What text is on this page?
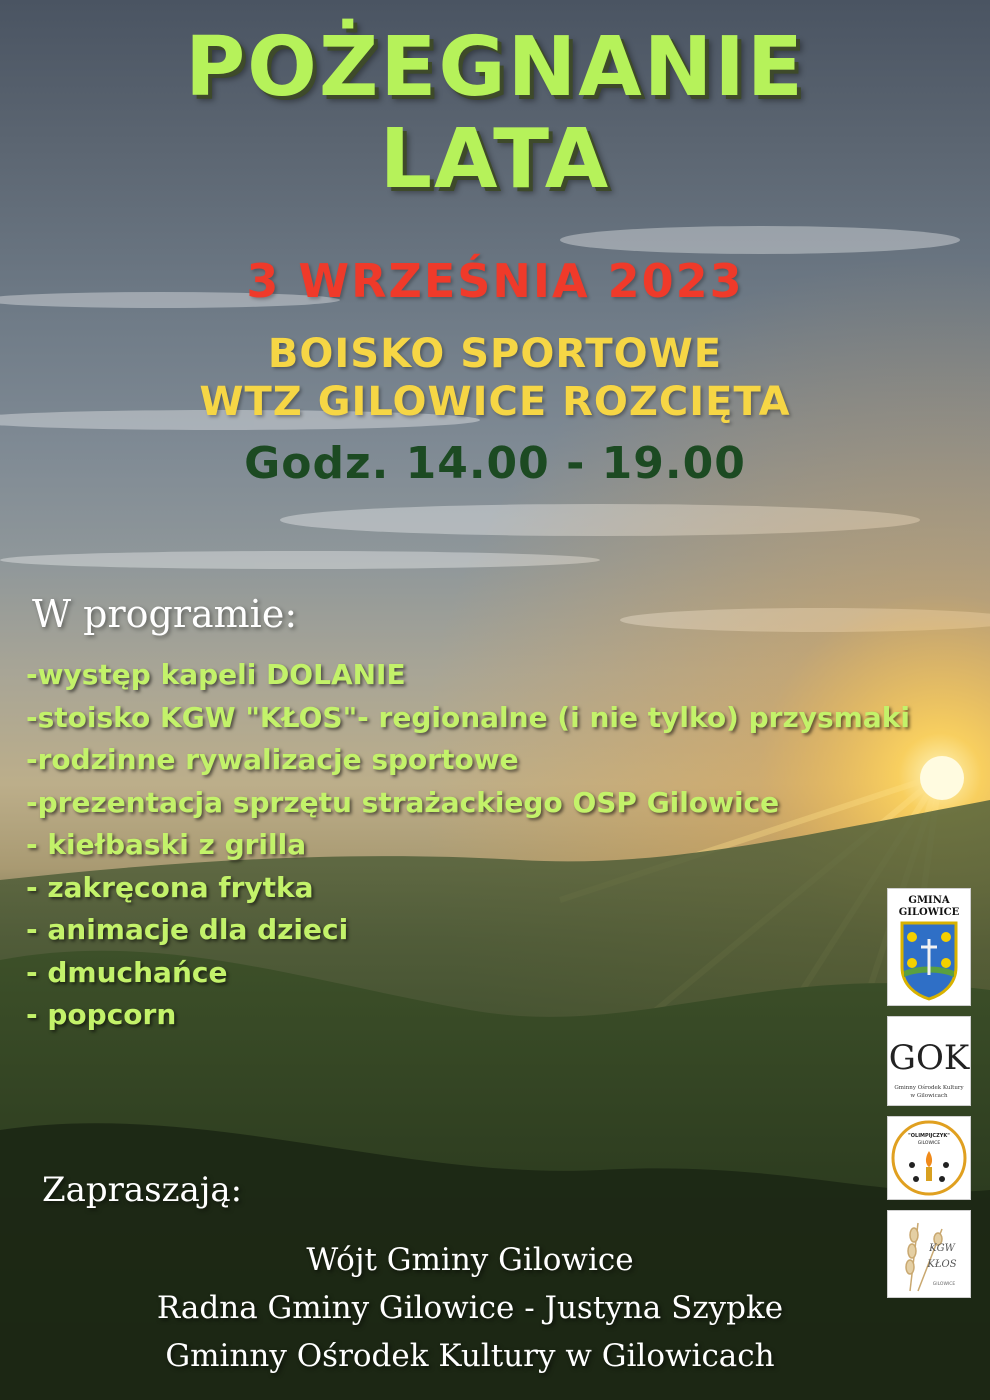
POŻEGNANIE
LATA
3 WRZEŚNIA 2023
BOISKO SPORTOWE
WTZ GILOWICE ROZCIĘTA
Godz. 14.00 - 19.00
W programie:
-występ kapeli DOLANIE
-stoisko KGW "KŁOS"- regionalne (i nie tylko) przysmaki
-rodzinne rywalizacje sportowe
-prezentacja sprzętu strażackiego OSP Gilowice
- kiełbaski z grilla
- zakręcona frytka
- animacje dla dzieci
- dmuchańce
- popcorn
Zapraszają:
Wójt Gminy Gilowice
Radna Gminy Gilowice - Justyna Szypke
Gminny Ośrodek Kultury w Gilowicach
GMINA
GILOWICE
GOK
Gminny Ośrodek Kultury
w Gilowicach
"OLIMPIJCZYK"
GILOWICE
KGW
KŁOS
GILOWICE
